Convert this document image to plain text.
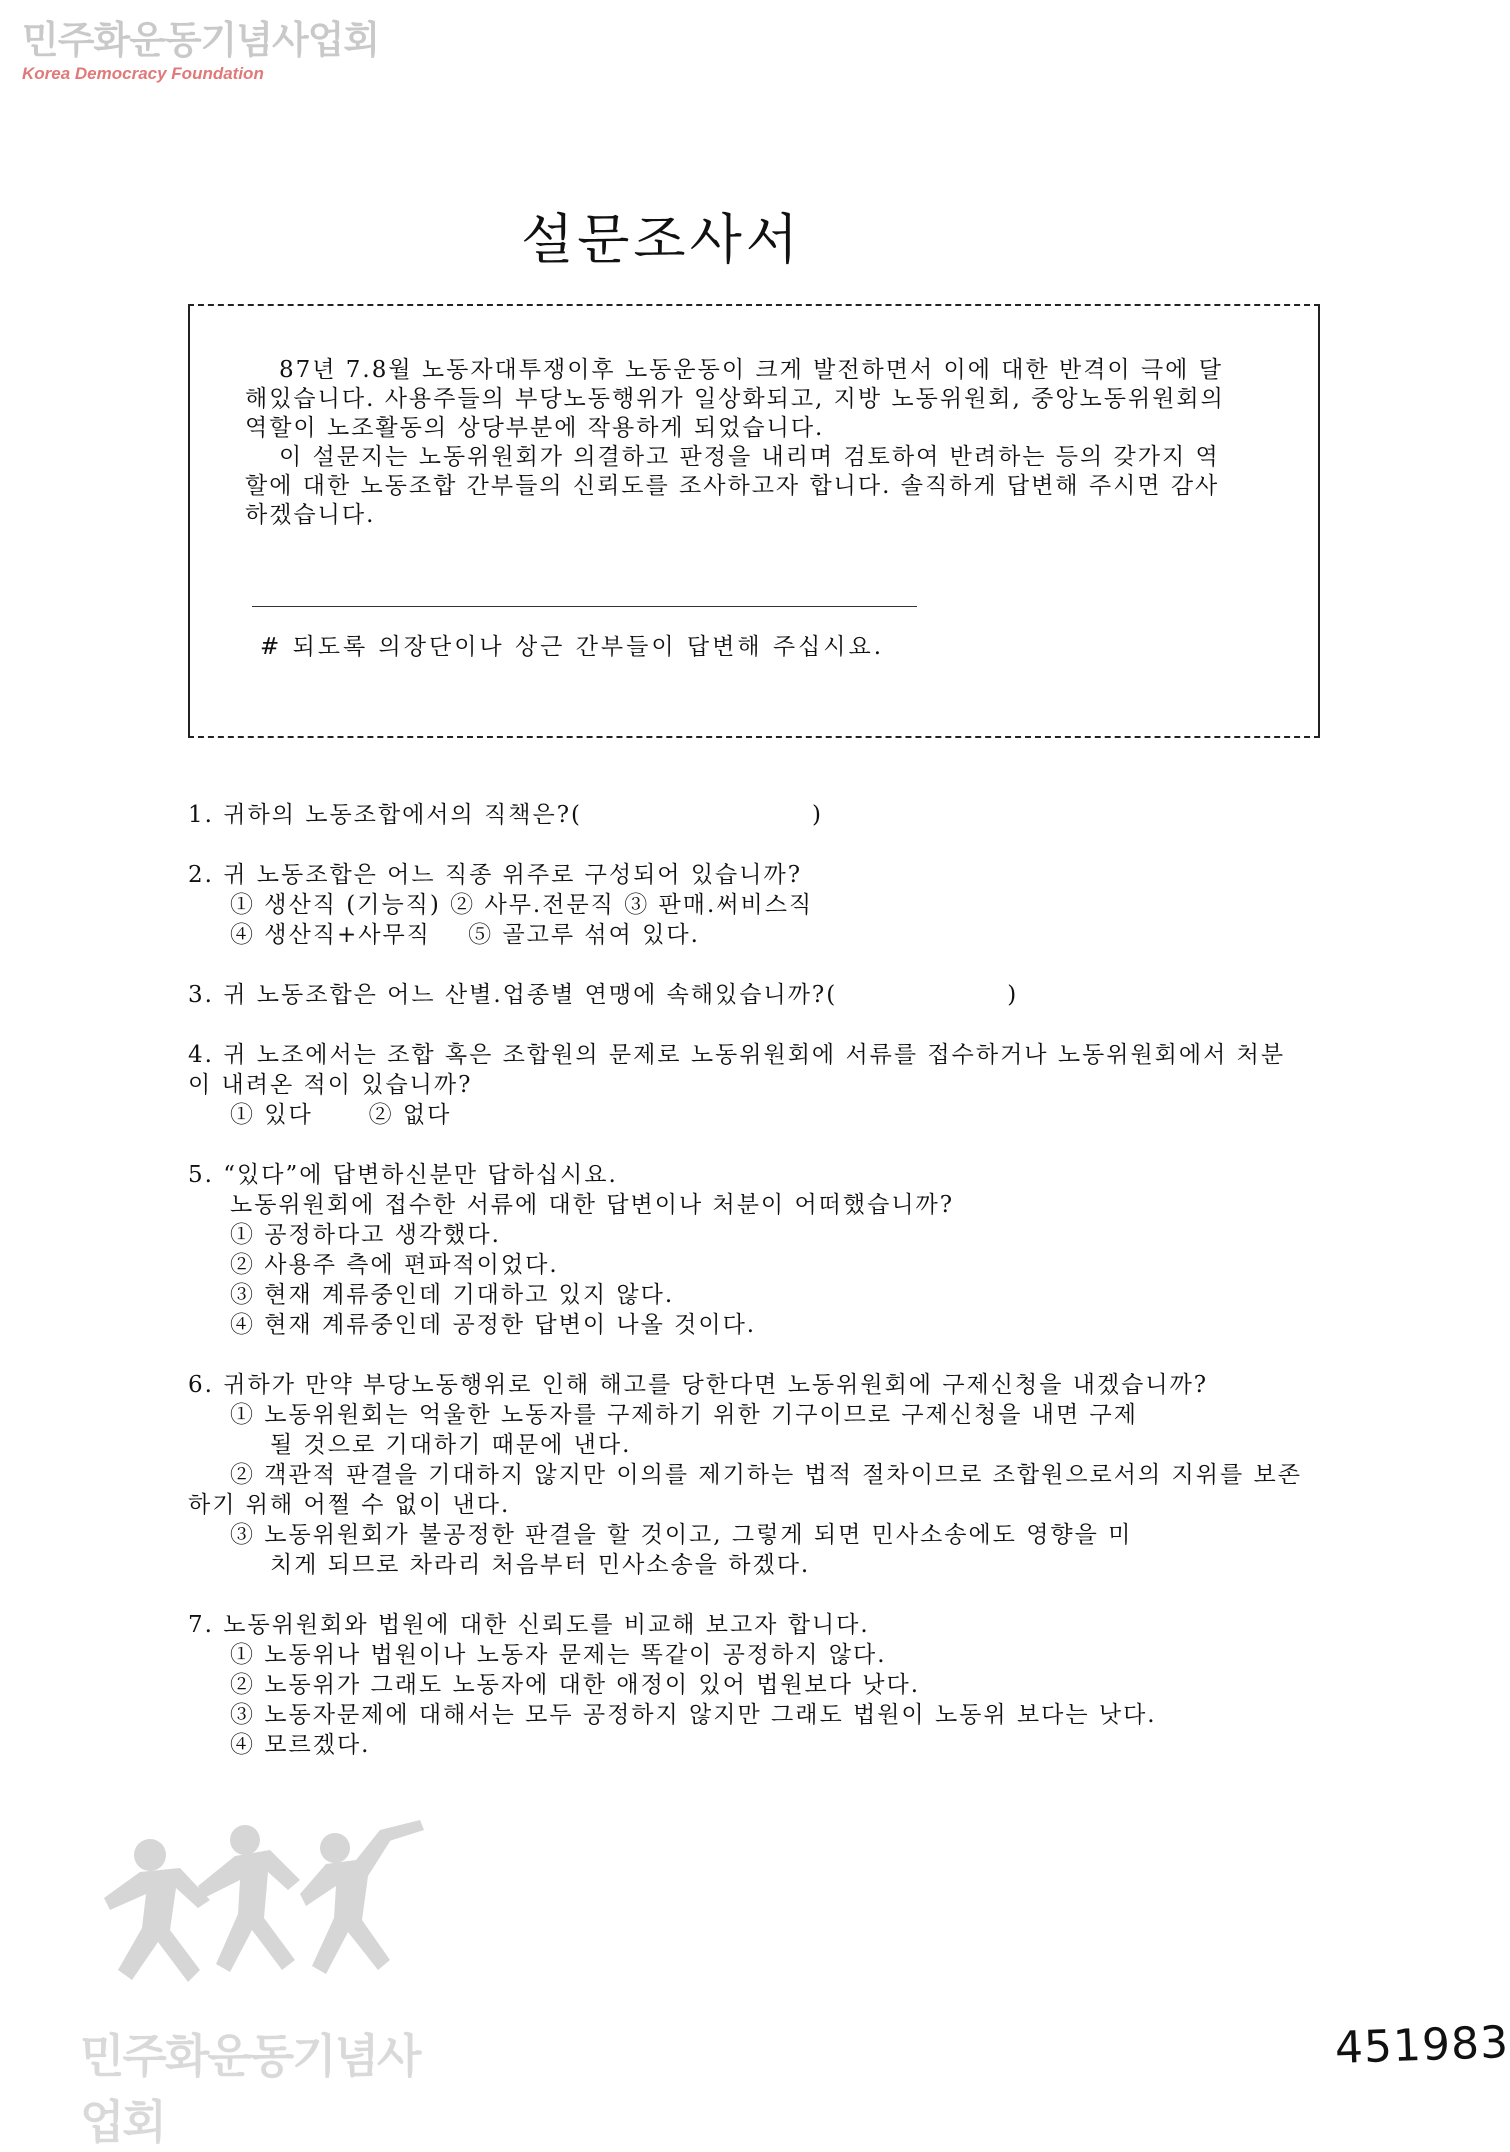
민주화운동기념사업회
Korea Democracy Foundation
설문조사서

87년 7.8월 노동자대투쟁이후 노동운동이 크게 발전하면서 이에 대한 반격이 극에 달해있습니다. 사용주들의 부당노동행위가 일상화되고, 지방 노동위원회, 중앙노동위원회의 역할이 노조활동의 상당부분에 작용하게 되었습니다.

이 설문지는 노동위원회가 의결하고 판정을 내리며 검토하여 반려하는 등의 갖가지 역할에 대한 노동조합 간부들의 신뢰도를 조사하고자 합니다. 솔직하게 답변해 주시면 감사하겠습니다.

# 되도록 의장단이나 상근 간부들이 답변해 주십시요.

1. 귀하의 노동조합에서의 직책은?(	)

2. 귀 노동조합은 어느 직종 위주로 구성되어 있습니까?

① 생산직 (기능직) ② 사무.전문직 ③ 판매.써비스직

④ 생산직+사무직    ⑤ 골고루 섞여 있다.

3. 귀 노동조합은 어느 산별.업종별 연맹에 속해있습니까?(	)

4. 귀 노조에서는 조합 혹은 조합원의 문제로 노동위원회에 서류를 접수하거나 노동위원회에서 처분이 내려온 적이 있습니까?

① 있다      ② 없다

5. “있다”에 답변하신분만 답하십시요.

노동위원회에 접수한 서류에 대한 답변이나 처분이 어떠했습니까?

① 공정하다고 생각했다.

② 사용주 측에 편파적이었다.

③ 현재 계류중인데 기대하고 있지 않다.

④ 현재 계류중인데 공정한 답변이 나올 것이다.

6. 귀하가 만약 부당노동행위로 인해 해고를 당한다면 노동위원회에 구제신청을 내겠습니까?

① 노동위원회는 억울한 노동자를 구제하기 위한 기구이므로 구제신청을 내면 구제

될 것으로 기대하기 때문에 낸다.

② 객관적 판결을 기대하지 않지만 이의를 제기하는 법적 절차이므로 조합원으로서의 지위를 보존하기 위해 어쩔 수 없이 낸다.

③ 노동위원회가 불공정한 판결을 할 것이고, 그렇게 되면 민사소송에도 영향을 미

치게 되므로 차라리 처음부터 민사소송을 하겠다.

7. 노동위원회와 법원에 대한 신뢰도를 비교해 보고자 합니다.

① 노동위나 법원이나 노동자 문제는 똑같이 공정하지 않다.

② 노동위가 그래도 노동자에 대한 애정이 있어 법원보다 낫다.

③ 노동자문제에 대해서는 모두 공정하지 않지만 그래도 법원이 노동위 보다는 낫다.

④ 모르겠다.

민주화운동기념사업회
451983
